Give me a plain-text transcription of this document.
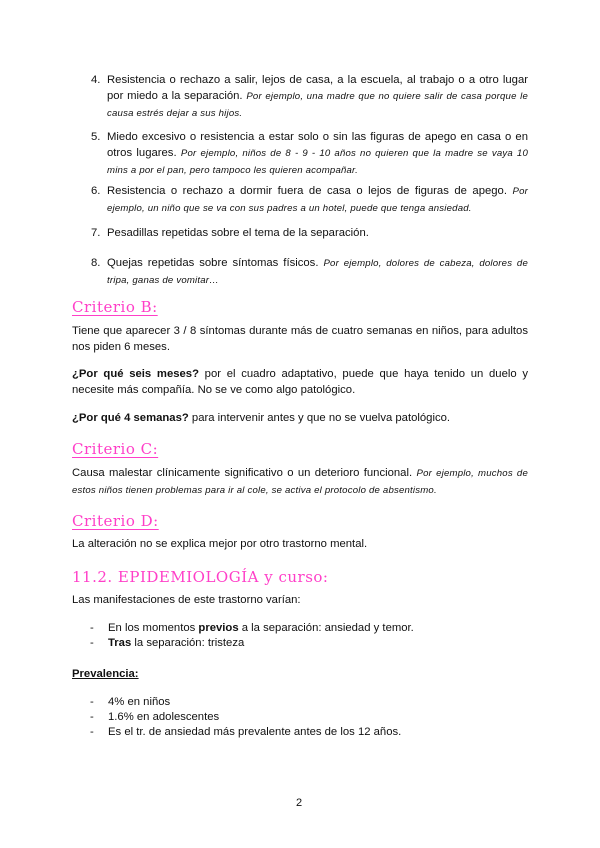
4. Resistencia o rechazo a salir, lejos de casa, a la escuela, al trabajo o a otro lugar por miedo a la separación. Por ejemplo, una madre que no quiere salir de casa porque le causa estrés dejar a sus hijos.
5. Miedo excesivo o resistencia a estar solo o sin las figuras de apego en casa o en otros lugares. Por ejemplo, niños de 8 - 9 - 10 años no quieren que la madre se vaya 10 mins a por el pan, pero tampoco les quieren acompañar.
6. Resistencia o rechazo a dormir fuera de casa o lejos de figuras de apego. Por ejemplo, un niño que se va con sus padres a un hotel, puede que tenga ansiedad.
7. Pesadillas repetidas sobre el tema de la separación.
8. Quejas repetidas sobre síntomas físicos. Por ejemplo, dolores de cabeza, dolores de tripa, ganas de vomitar…
Criterio B:
Tiene que aparecer 3 / 8 síntomas durante más de cuatro semanas en niños, para adultos nos piden 6 meses.
¿Por qué seis meses? por el cuadro adaptativo, puede que haya tenido un duelo y necesite más compañía. No se ve como algo patológico.
¿Por qué 4 semanas? para intervenir antes y que no se vuelva patológico.
Criterio C:
Causa malestar clínicamente significativo o un deterioro funcional. Por ejemplo, muchos de estos niños tienen problemas para ir al cole, se activa el protocolo de absentismo.
Criterio D:
La alteración no se explica mejor por otro trastorno mental.
11.2. EPIDEMIOLOGÍA y curso:
Las manifestaciones de este trastorno varían:
- En los momentos previos a la separación: ansiedad y temor.
- Tras la separación: tristeza
Prevalencia:
- 4% en niños
- 1.6% en adolescentes
- Es el tr. de ansiedad más prevalente antes de los 12 años.
2
